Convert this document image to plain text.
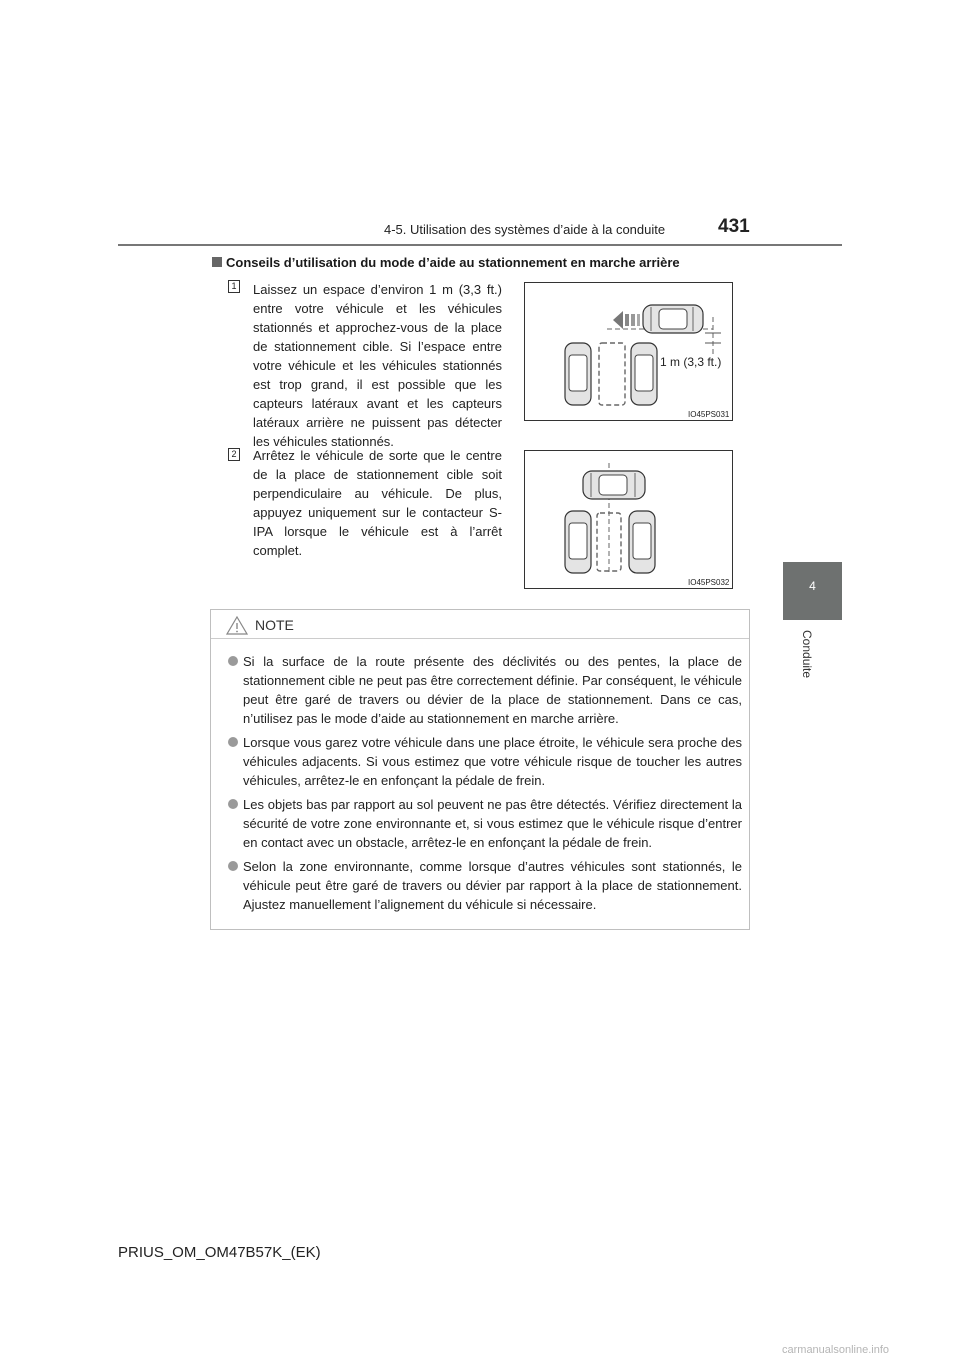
4-5. Utilisation des systèmes d’aide à la conduite	431
4
Conduite
Conseils d’utilisation du mode d’aide au stationnement en marche arrière
1 Laissez un espace d’environ 1 m (3,3 ft.) entre votre véhicule et les véhicules stationnés et approchez-vous de la place de stationnement cible. Si l’espace entre votre véhicule et les véhicules stationnés est trop grand, il est possible que les capteurs latéraux avant et les capteurs latéraux arrière ne puissent pas détecter les véhicules stationnés.
1 m (3,3 ft.)
IO45PS031
2 Arrêtez le véhicule de sorte que le centre de la place de stationnement cible soit perpendiculaire au véhicule. De plus, appuyez uniquement sur le contacteur S-IPA lorsque le véhicule est à l’arrêt complet.
IO45PS032
NOTE
Si la surface de la route présente des déclivités ou des pentes, la place de stationnement cible ne peut pas être correctement définie. Par conséquent, le véhicule peut être garé de travers ou dévier de la place de stationnement. Dans ce cas, n’utilisez pas le mode d’aide au stationnement en marche arrière.
Lorsque vous garez votre véhicule dans une place étroite, le véhicule sera proche des véhicules adjacents. Si vous estimez que votre véhicule risque de toucher les autres véhicules, arrêtez-le en enfonçant la pédale de frein.
Les objets bas par rapport au sol peuvent ne pas être détectés. Vérifiez directement la sécurité de votre zone environnante et, si vous estimez que le véhicule risque d’entrer en contact avec un obstacle, arrêtez-le en enfonçant la pédale de frein.
Selon la zone environnante, comme lorsque d’autres véhicules sont stationnés, le véhicule peut être garé de travers ou dévier par rapport à la place de stationnement. Ajustez manuellement l’alignement du véhicule si nécessaire.
PRIUS_OM_OM47B57K_(EK)
carmanualsonline.info
